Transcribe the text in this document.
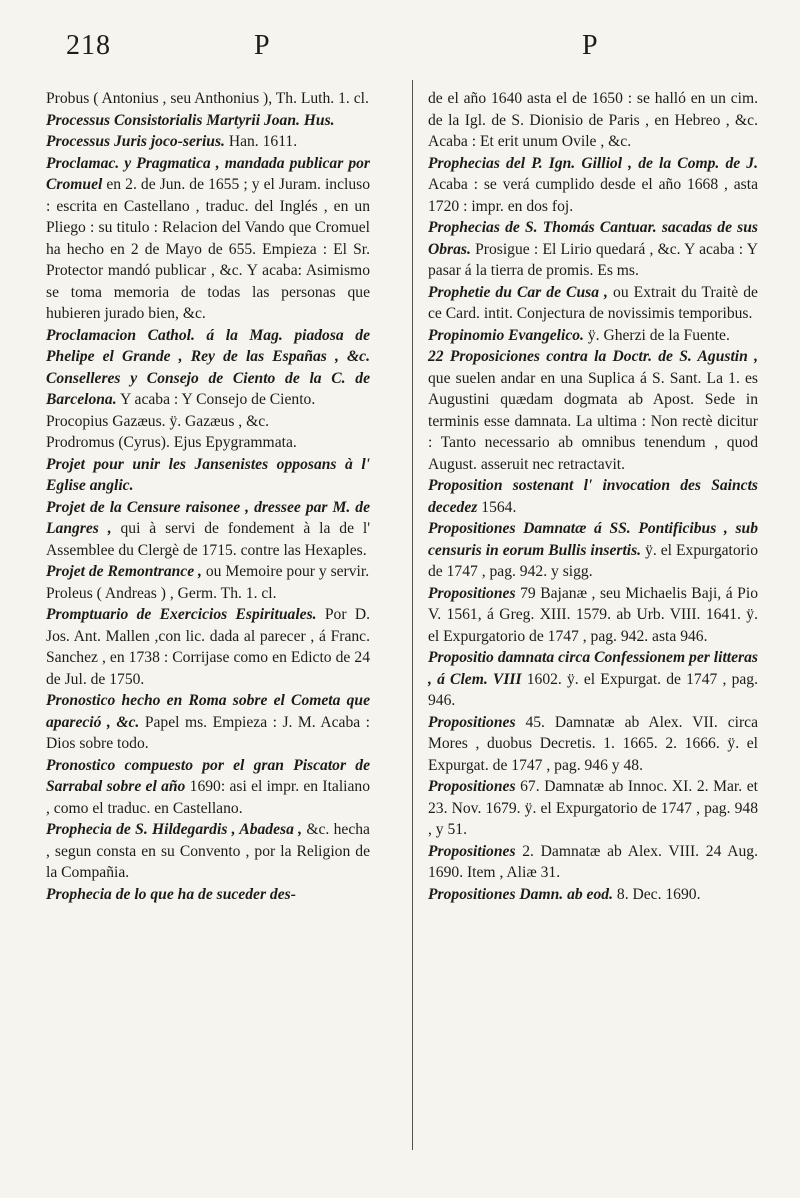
218	P	P

Probus ( Antonius , seu Anthonius ), Th. Luth. 1. cl.

Processus Consistorialis Martyrii Joan. Hus.

Processus Juris joco-serius. Han. 1611.

Proclamac. y Pragmatica , mandada publicar por Cromuel en 2. de Jun. de 1655 ; y el Juram. incluso : escrita en Castellano , traduc. del Inglés , en un Pliego : su titulo : Relacion del Vando que Cromuel ha hecho en 2 de Mayo de 655. Empieza : El Sr. Protector mandó publicar , &c. Y acaba: Asimismo se toma memoria de todas las personas que hubieren jurado bien, &c.

Proclamacion Cathol. á la Mag. piadosa de Phelipe el Grande , Rey de las Españas , &c. Conselleres y Consejo de Ciento de la C. de Barcelona. Y acaba : Y Consejo de Ciento.

Procopius Gazæus. ÿ. Gazæus , &c.

Prodromus (Cyrus). Ejus Epygrammata.

Projet pour unir les Jansenistes opposans à l' Eglise anglic.

Projet de la Censure raisonee , dressee par M. de Langres , qui à servi de fondement à la de l' Assemblee du Clergè de 1715. contre las Hexaples.

Projet de Remontrance , ou Memoire pour y servir.

Proleus ( Andreas ) , Germ. Th. 1. cl.

Promptuario de Exercicios Espirituales. Por D. Jos. Ant. Mallen ,con lic. dada al parecer , á Franc. Sanchez , en 1738 : Corrijase como en Edicto de 24 de Jul. de 1750.

Pronostico hecho en Roma sobre el Cometa que apareció , &c. Papel ms. Empieza : J. M. Acaba : Dios sobre todo.

Pronostico compuesto por el gran Piscator de Sarrabal sobre el año 1690: asi el impr. en Italiano , como el traduc. en Castellano.

Prophecia de S. Hildegardis , Abadesa , &c. hecha , segun consta en su Convento , por la Religion de la Compañia.

Prophecia de lo que ha de suceder des-

de el año 1640 asta el de 1650 : se halló en un cim. de la Igl. de S. Dionisio de Paris , en Hebreo , &c. Acaba : Et erit unum Ovile , &c.

Prophecias del P. Ign. Gilliol , de la Comp. de J. Acaba : se verá cumplido desde el año 1668 , asta 1720 : impr. en dos foj.

Prophecias de S. Thomás Cantuar. sacadas de sus Obras. Prosigue : El Lirio quedará , &c. Y acaba : Y pasar á la tierra de promis. Es ms.

Prophetie du Car de Cusa , ou Extrait du Traitè de ce Card. intit. Conjectura de novissimis temporibus.

Propinomio Evangelico. ÿ. Gherzi de la Fuente.

22 Proposiciones contra la Doctr. de S. Agustin , que suelen andar en una Suplica á S. Sant. La 1. es Augustini quædam dogmata ab Apost. Sede in terminis esse damnata. La ultima : Non rectè dicitur : Tanto necessario ab omnibus tenendum , quod August. asseruit nec retractavit.

Proposition sostenant l' invocation des Saincts decedez 1564.

Propositiones Damnatæ á SS. Pontificibus , sub censuris in eorum Bullis insertis. ÿ. el Expurgatorio de 1747 , pag. 942. y sigg.

Propositiones 79 Bajanæ , seu Michaelis Baji, á Pio V. 1561, á Greg. XIII. 1579. ab Urb. VIII. 1641. ÿ. el Expurgatorio de 1747 , pag. 942. asta 946.

Propositio damnata circa Confessionem per litteras , á Clem. VIII 1602. ÿ. el Expurgat. de 1747 , pag. 946.

Propositiones 45. Damnatæ ab Alex. VII. circa Mores , duobus Decretis. 1. 1665. 2. 1666. ÿ. el Expurgat. de 1747 , pag. 946 y 48.

Propositiones 67. Damnatæ ab Innoc. XI. 2. Mar. et 23. Nov. 1679. ÿ. el Expurgatorio de 1747 , pag. 948 , y 51.

Propositiones 2. Damnatæ ab Alex. VIII. 24 Aug. 1690. Item , Aliæ 31.

Propositiones Damn. ab eod. 8. Dec. 1690.
